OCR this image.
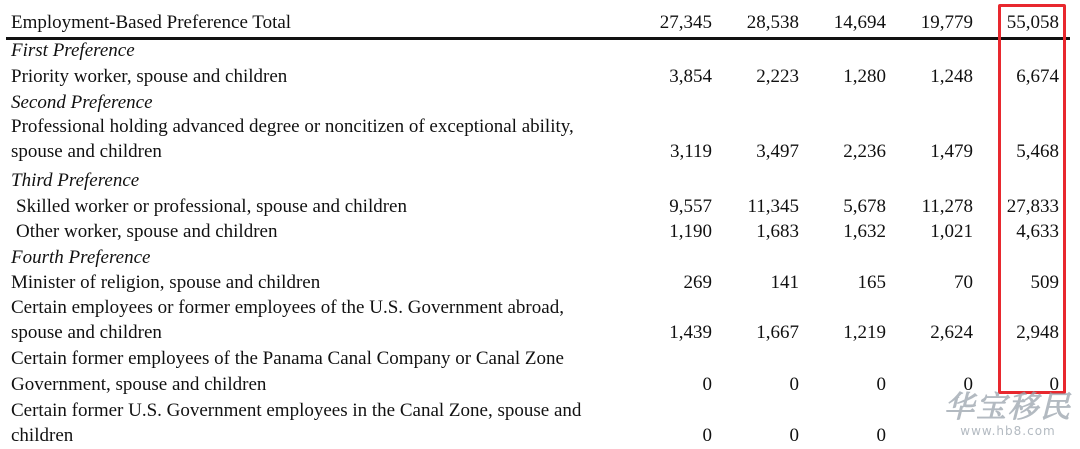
Employment-Based Preference Total	27,345 28,538 14,694 19,779 55,058
First Preference
Priority worker, spouse and children	3,854 2,223 1,280 1,248 6,674
Second Preference
Professional holding advanced degree or noncitizen of exceptional ability,
spouse and children	3,119 3,497 2,236 1,479 5,468
Third Preference
Skilled worker or professional, spouse and children	9,557 11,345 5,678 11,278 27,833
Other worker, spouse and children	1,190 1,683 1,632 1,021 4,633
Fourth Preference
Minister of religion, spouse and children	269	141	165	70	509
Certain employees or former employees of the U.S. Government abroad,
spouse and children	1,439 1,667 1,219 2,624 2,948
Certain former employees of the Panama Canal Company or Canal Zone
Government, spouse and children	0	0	0	0	0
Certain former U.S. Government employees in the Canal Zone, spouse and
children	0	0	0
华宝移民
www.hb8.com
